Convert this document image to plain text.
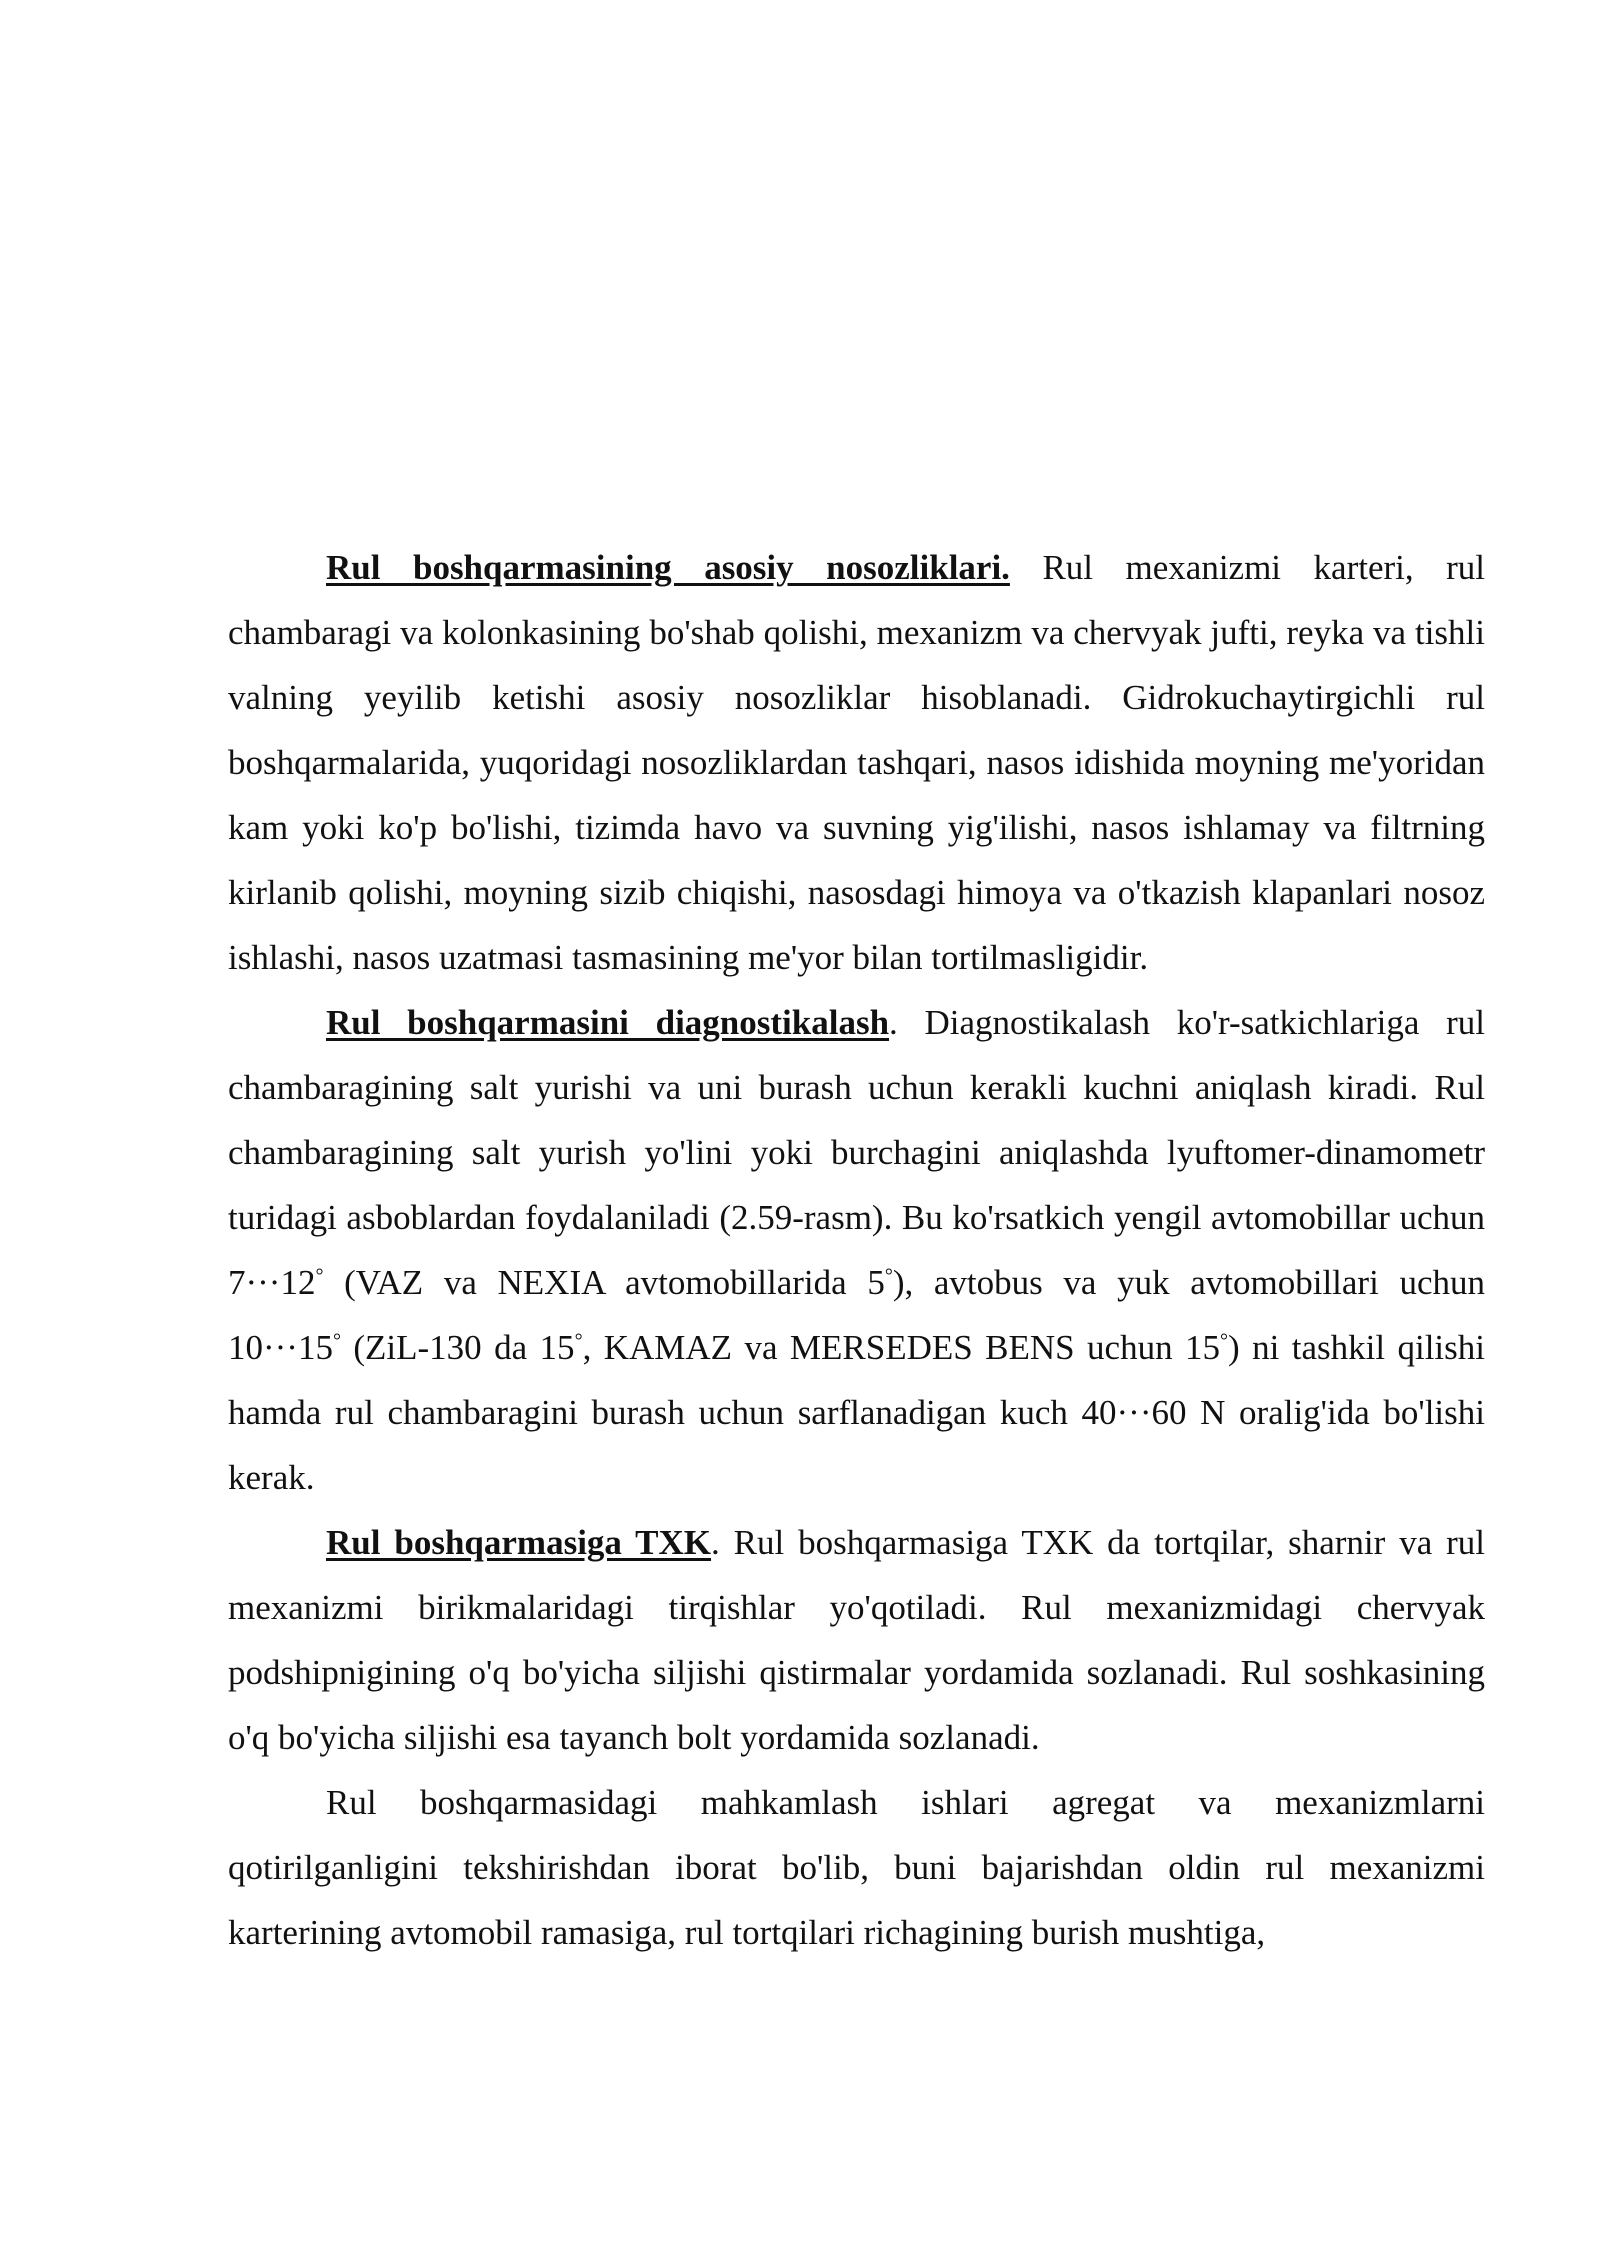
Rul boshqarmasining asosiy nosozliklari. Rul mexanizmi karteri, rul chambaragi va kolonkasining bo'shab qolishi, mexanizm va chervyak jufti, reyka va tishli valning yeyilib ketishi asosiy nosozliklar hisoblanadi. Gidrokuchaytirgichli rul boshqarmalarida, yuqoridagi nosozliklardan tashqari, nasos idishida moyning me'yoridan kam yoki ko'p bo'lishi, tizimda havo va suvning yig'ilishi, nasos ishlamay va filtrning kirlanib qolishi, moyning sizib chiqishi, nasosdagi himoya va o'tkazish klapanlari nosoz ishlashi, nasos uzatmasi tasmasining me'yor bilan tortilmasligidir.

Rul boshqarmasini diagnostikalash. Diagnostikalash ko'r-satkichlariga rul chambaragining salt yurishi va uni burash uchun kerakli kuchni aniqlash kiradi. Rul chambaragining salt yurish yo'lini yoki burchagini aniqlashda lyuftomer-dinamometr turidagi asboblardan foydalaniladi (2.59-rasm). Bu ko'rsatkich yengil avtomobillar uchun 7···12° (VAZ va NEXIA avtomobillarida 5°), avtobus va yuk avtomobillari uchun 10···15° (ZiL-130 da 15°, KAMAZ va MERSEDES BENS uchun 15°) ni tashkil qilishi hamda rul chambaragini burash uchun sarflanadigan kuch 40···60 N oralig'ida bo'lishi kerak.

Rul boshqarmasiga TXK. Rul boshqarmasiga TXK da tortqilar, sharnir va rul mexanizmi birikmalaridagi tirqishlar yo'qotiladi. Rul mexanizmidagi chervyak podshipnigining o'q bo'yicha siljishi qistirmalar yordamida sozlanadi. Rul soshkasining o'q bo'yicha siljishi esa tayanch bolt yordamida sozlanadi.

Rul boshqarmasidagi mahkamlash ishlari agregat va mexanizmlarni qotirilganligini tekshirishdan iborat bo'lib, buni bajarishdan oldin rul mexanizmi karterining avtomobil ramasiga, rul tortqilari richagining burish mushtiga,
